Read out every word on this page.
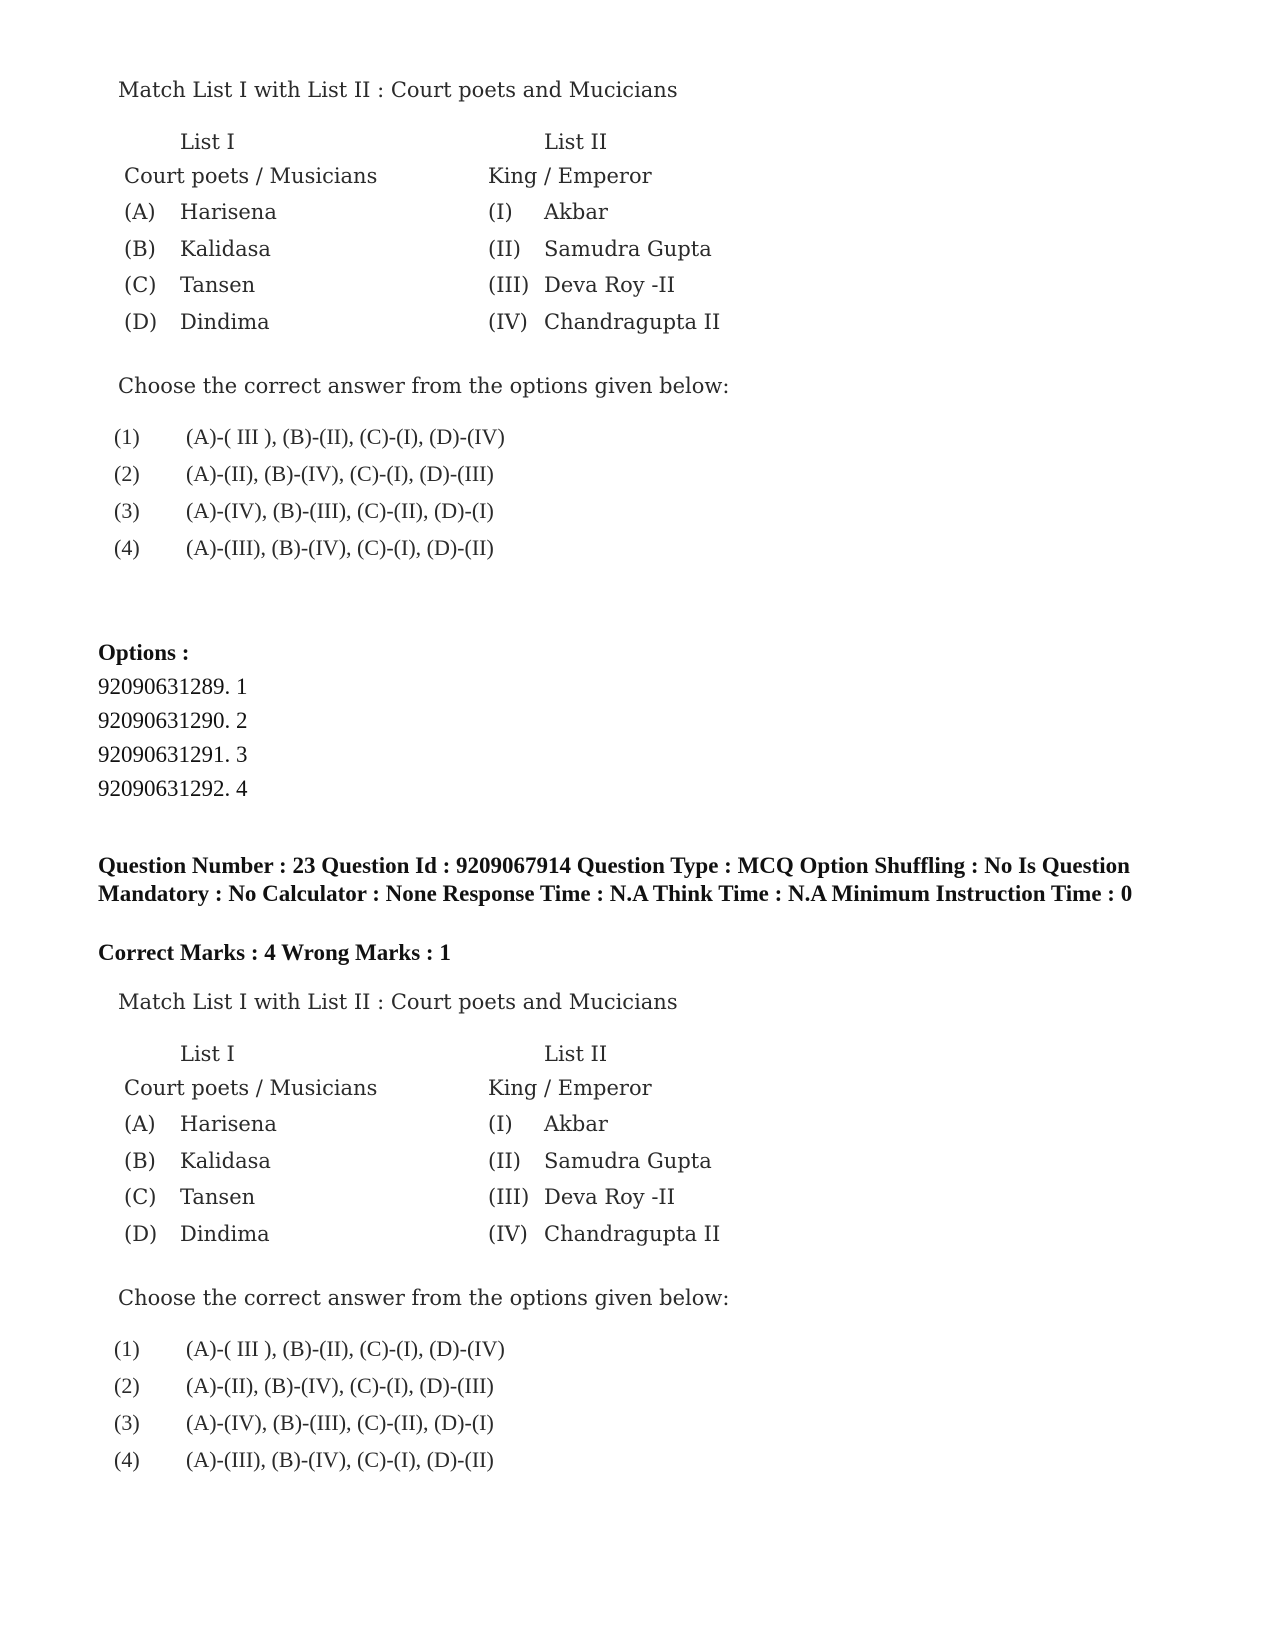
Match List I with List II : Court poets and Mucicians
List I	List II
Court poets / Musicians	King / Emperor
(A) Harisena	(I) Akbar
(B) Kalidasa	(II) Samudra Gupta
(C) Tansen	(III) Deva Roy -II
(D) Dindima	(IV) Chandragupta II
Choose the correct answer from the options given below:
(1) (A)-( III ), (B)-(II), (C)-(I), (D)-(IV)
(2) (A)-(II), (B)-(IV), (C)-(I), (D)-(III)
(3) (A)-(IV), (B)-(III), (C)-(II), (D)-(I)
(4) (A)-(III), (B)-(IV), (C)-(I), (D)-(II)
Options :
92090631289. 1
92090631290. 2
92090631291. 3
92090631292. 4
Question Number : 23 Question Id : 9209067914 Question Type : MCQ Option Shuffling : No Is Question Mandatory : No Calculator : None Response Time : N.A Think Time : N.A Minimum Instruction Time : 0
Correct Marks : 4 Wrong Marks : 1
Match List I with List II : Court poets and Mucicians
List I	List II
Court poets / Musicians	King / Emperor
(A) Harisena	(I) Akbar
(B) Kalidasa	(II) Samudra Gupta
(C) Tansen	(III) Deva Roy -II
(D) Dindima	(IV) Chandragupta II
Choose the correct answer from the options given below:
(1) (A)-( III ), (B)-(II), (C)-(I), (D)-(IV)
(2) (A)-(II), (B)-(IV), (C)-(I), (D)-(III)
(3) (A)-(IV), (B)-(III), (C)-(II), (D)-(I)
(4) (A)-(III), (B)-(IV), (C)-(I), (D)-(II)
